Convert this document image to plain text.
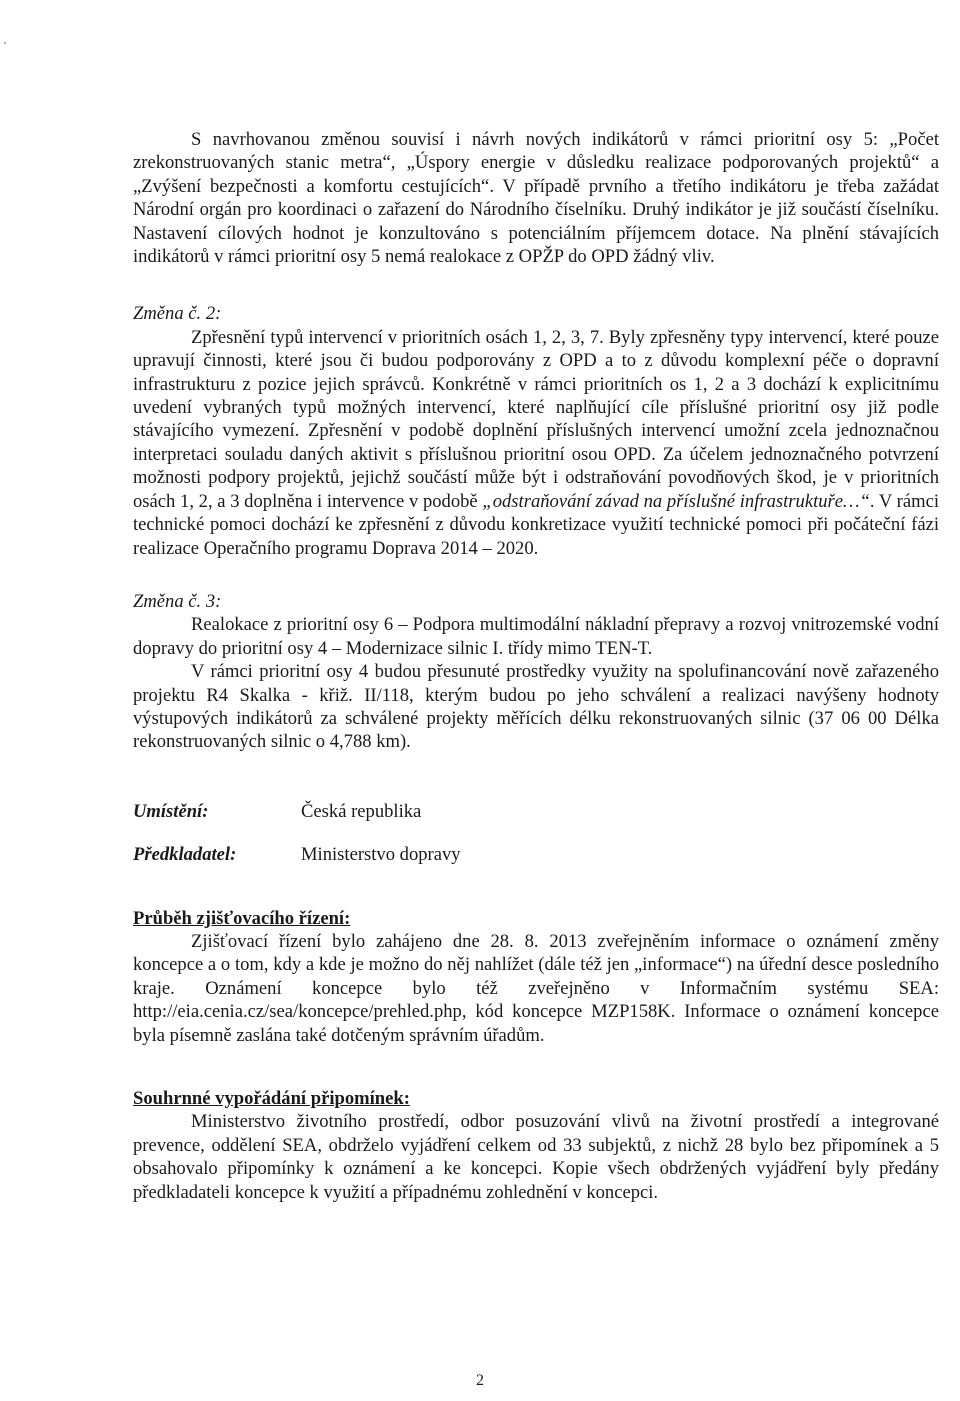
S navrhovanou změnou souvisí i návrh nových indikátorů v rámci prioritní osy 5: „Počet zrekonstruovaných stanic metra“, „Úspory energie v důsledku realizace podporovaných projektů“ a „Zvýšení bezpečnosti a komfortu cestujících“. V případě prvního a třetího indikátoru je třeba zažádat Národní orgán pro koordinaci o zařazení do Národního číselníku. Druhý indikátor je již součástí číselníku. Nastavení cílových hodnot je konzultováno s potenciálním příjemcem dotace. Na plnění stávajících indikátorů v rámci prioritní osy 5 nemá realokace z OPŽP do OPD žádný vliv.

Změna č. 2:

Zpřesnění typů intervencí v prioritních osách 1, 2, 3, 7. Byly zpřesněny typy intervencí, které pouze upravují činnosti, které jsou či budou podporovány z OPD a to z důvodu komplexní péče o dopravní infrastrukturu z pozice jejich správců. Konkrétně v rámci prioritních os 1, 2 a 3 dochází k explicitnímu uvedení vybraných typů možných intervencí, které naplňující cíle příslušné prioritní osy již podle stávajícího vymezení. Zpřesnění v podobě doplnění příslušných intervencí umožní zcela jednoznačnou interpretaci souladu daných aktivit s příslušnou prioritní osou OPD. Za účelem jednoznačného potvrzení možnosti podpory projektů, jejichž součástí může být i odstraňování povodňových škod, je v prioritních osách 1, 2, a 3 doplněna i intervence v podobě „odstraňování závad na příslušné infrastruktuře…“. V rámci technické pomoci dochází ke zpřesnění z důvodu konkretizace využití technické pomoci při počáteční fázi realizace Operačního programu Doprava 2014 – 2020.

Změna č. 3:

Realokace z prioritní osy 6 – Podpora multimodální nákladní přepravy a rozvoj vnitrozemské vodní dopravy do prioritní osy 4 – Modernizace silnic I. třídy mimo TEN-T.

V rámci prioritní osy 4 budou přesunuté prostředky využity na spolufinancování nově zařazeného projektu R4 Skalka - křiž. II/118, kterým budou po jeho schválení a realizaci navýšeny hodnoty výstupových indikátorů za schválené projekty měřících délku rekonstruovaných silnic (37 06 00 Délka rekonstruovaných silnic o 4,788 km).

Umístění:	Česká republika
Předkladatel:	Ministerstvo dopravy

Průběh zjišťovacího řízení:

Zjišťovací řízení bylo zahájeno dne 28. 8. 2013 zveřejněním informace o oznámení změny koncepce a o tom, kdy a kde je možno do něj nahlížet (dále též jen „informace“) na úřední desce posledního kraje. Oznámení koncepce bylo též zveřejněno v Informačním systému SEA: http://eia.cenia.cz/sea/koncepce/prehled.php, kód koncepce MZP158K. Informace o oznámení koncepce byla písemně zaslána také dotčeným správním úřadům.

Souhrnné vypořádání připomínek:

Ministerstvo životního prostředí, odbor posuzování vlivů na životní prostředí a integrované prevence, oddělení SEA, obdrželo vyjádření celkem od 33 subjektů, z nichž 28 bylo bez připomínek a 5 obsahovalo připomínky k oznámení a ke koncepci. Kopie všech obdržených vyjádření byly předány předkladateli koncepce k využití a případnému zohlednění v koncepci.

2
